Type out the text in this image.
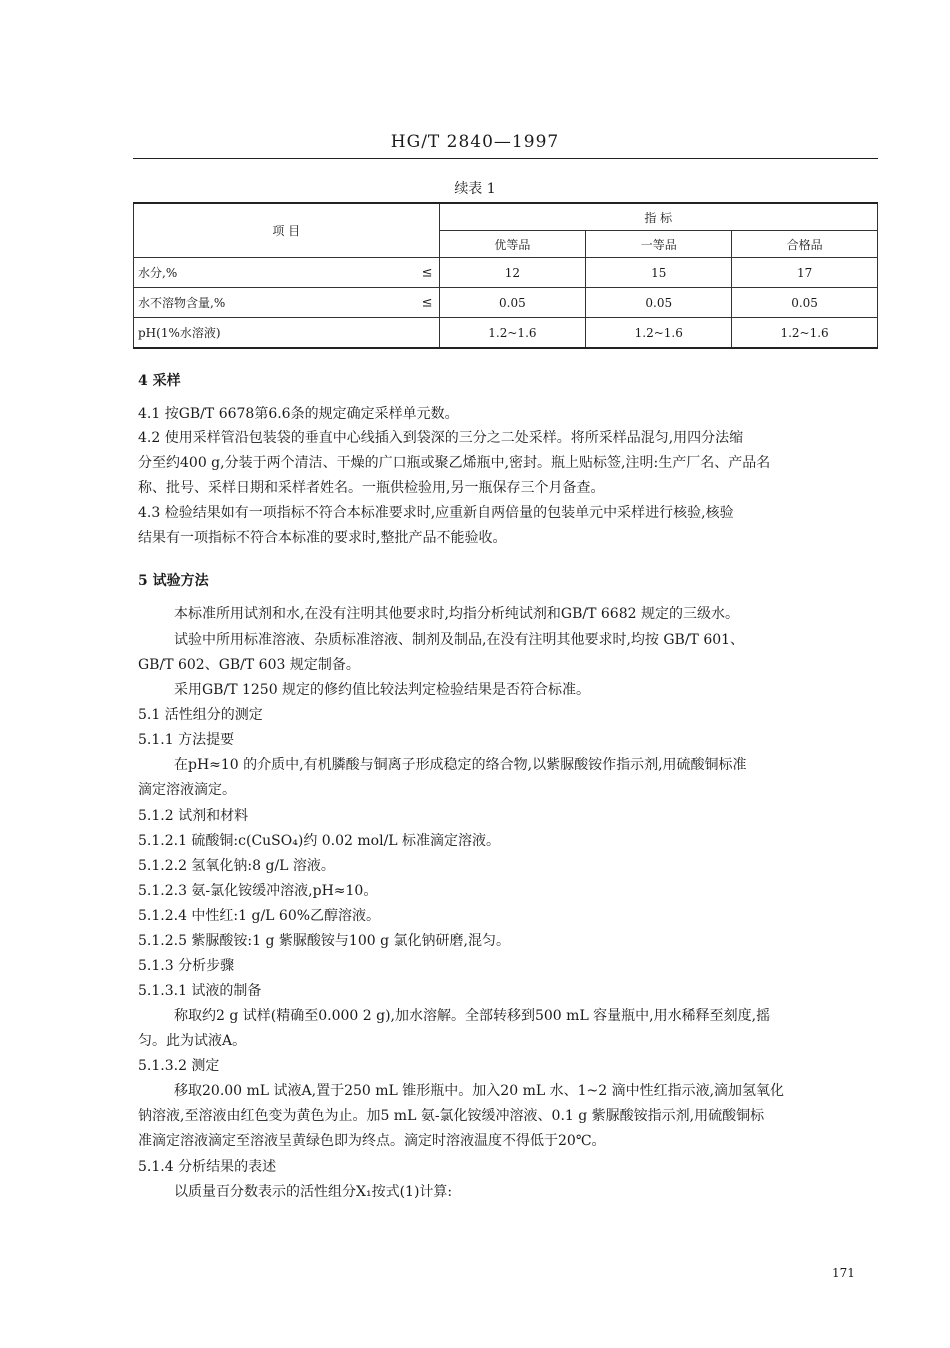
HG/T 2840—1997
续表 1
项 目	指 标		
	优等品	一等品	合格品
水分,% ≤	12	15	17
水不溶物含量,% ≤	0.05	0.05	0.05
pH(1%水溶液)	1.2~1.6	1.2~1.6	1.2~1.6
4 采样
4.1 按GB/T 6678第6.6条的规定确定采样单元数。
4.2 使用采样管沿包装袋的垂直中心线插入到袋深的三分之二处采样。将所采样品混匀,用四分法缩
分至约400 g,分装于两个清洁、干燥的广口瓶或聚乙烯瓶中,密封。瓶上贴标签,注明:生产厂名、产品名
称、批号、采样日期和采样者姓名。一瓶供检验用,另一瓶保存三个月备查。
4.3 检验结果如有一项指标不符合本标准要求时,应重新自两倍量的包装单元中采样进行核验,核验
结果有一项指标不符合本标准的要求时,整批产品不能验收。
5 试验方法
本标准所用试剂和水,在没有注明其他要求时,均指分析纯试剂和GB/T 6682 规定的三级水。
试验中所用标准溶液、杂质标准溶液、制剂及制品,在没有注明其他要求时,均按 GB/T 601、
GB/T 602、GB/T 603 规定制备。
采用GB/T 1250 规定的修约值比较法判定检验结果是否符合标准。
5.1 活性组分的测定
5.1.1 方法提要
在pH≈10 的介质中,有机膦酸与铜离子形成稳定的络合物,以紫脲酸铵作指示剂,用硫酸铜标准
滴定溶液滴定。
5.1.2 试剂和材料
5.1.2.1 硫酸铜:c(CuSO₄)约 0.02 mol/L 标准滴定溶液。
5.1.2.2 氢氧化钠:8 g/L 溶液。
5.1.2.3 氨-氯化铵缓冲溶液,pH≈10。
5.1.2.4 中性红:1 g/L 60%乙醇溶液。
5.1.2.5 紫脲酸铵:1 g 紫脲酸铵与100 g 氯化钠研磨,混匀。
5.1.3 分析步骤
5.1.3.1 试液的制备
称取约2 g 试样(精确至0.000 2 g),加水溶解。全部转移到500 mL 容量瓶中,用水稀释至刻度,摇
匀。此为试液A。
5.1.3.2 测定
移取20.00 mL 试液A,置于250 mL 锥形瓶中。加入20 mL 水、1~2 滴中性红指示液,滴加氢氧化
钠溶液,至溶液由红色变为黄色为止。加5 mL 氨-氯化铵缓冲溶液、0.1 g 紫脲酸铵指示剂,用硫酸铜标
准滴定溶液滴定至溶液呈黄绿色即为终点。滴定时溶液温度不得低于20℃。
5.1.4 分析结果的表述
以质量百分数表示的活性组分X₁按式(1)计算:
171
